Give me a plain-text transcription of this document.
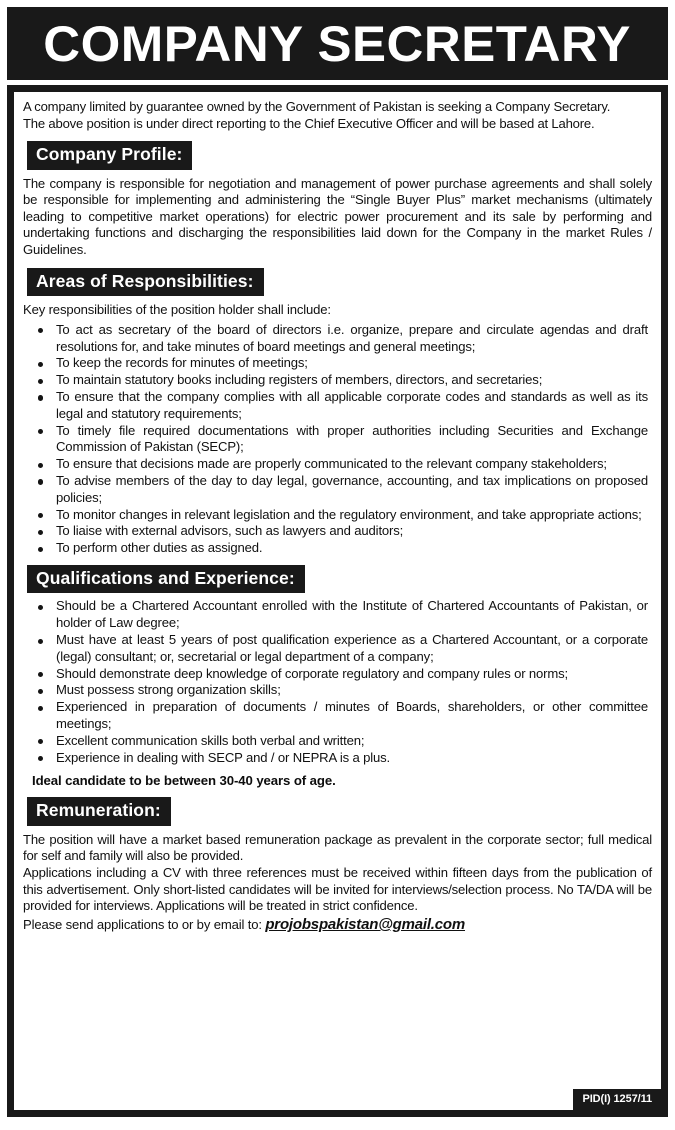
COMPANY SECRETARY

A company limited by guarantee owned by the Government of Pakistan is seeking a Company Secretary.

The above position is under direct reporting to the Chief Executive Officer and will be based at Lahore.

Company Profile:

The company is responsible for negotiation and management of power purchase agreements and shall solely be responsible for implementing and administering the “Single Buyer Plus” market mechanisms (ultimately leading to competitive market operations) for electric power procurement and its sale by performing and undertaking functions and discharging the responsibilities laid down for the Company in the market Rules / Guidelines.

Areas of Responsibilities:

Key responsibilities of the position holder shall include:

To act as secretary of the board of directors i.e. organize, prepare and circulate agendas and draft resolutions for, and take minutes of board meetings and general meetings;
To keep the records for minutes of meetings;
To maintain statutory books including registers of members, directors, and secretaries;
To ensure that the company complies with all applicable corporate codes and standards as well as its legal and statutory requirements;
To timely file required documentations with proper authorities including Securities and Exchange Commission of Pakistan (SECP);
To ensure that decisions made are properly communicated to the relevant company stakeholders;
To advise members of the day to day legal, governance, accounting, and tax implications on proposed policies;
To monitor changes in relevant legislation and the regulatory environment, and take appropriate actions;
To liaise with external advisors, such as lawyers and auditors;
To perform other duties as assigned.
Qualifications and Experience:
Should be a Chartered Accountant enrolled with the Institute of Chartered Accountants of Pakistan, or holder of Law degree;
Must have at least 5 years of post qualification experience as a Chartered Accountant, or a corporate (legal) consultant; or, secretarial or legal department of a company;
Should demonstrate deep knowledge of corporate regulatory and company rules or norms;
Must possess strong organization skills;
Experienced in preparation of documents / minutes of Boards, shareholders, or other committee meetings;
Excellent communication skills both verbal and written;
Experience in dealing with SECP and / or NEPRA is a plus.

Ideal candidate to be between 30-40 years of age.

Remuneration:

The position will have a market based remuneration package as prevalent in the corporate sector; full medical for self and family will also be provided.

Applications including a CV with three references must be received within fifteen days from the publication of this advertisement. Only short-listed candidates will be invited for interviews/selection process. No TA/DA will be provided for interviews. Applications will be treated in strict confidence.

Please send applications to or by email to: projobspakistan@gmail.com

PID(I) 1257/11
